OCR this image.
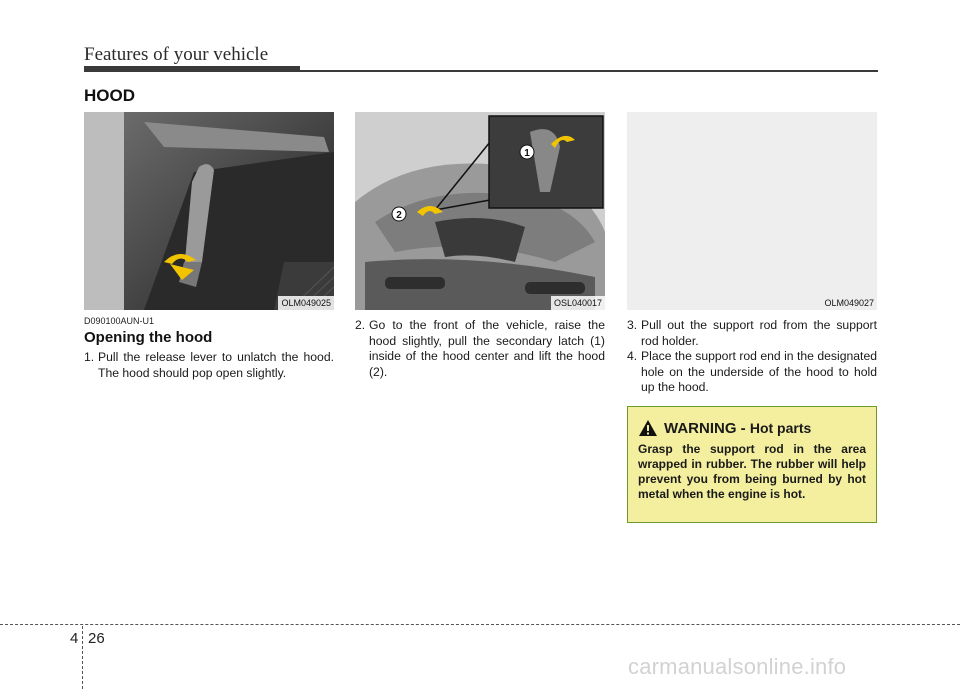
Features of your vehicle
HOOD
OLM049025
1
2
OSL040017	OLM049027
D090100AUN-U1
Opening the hood
1. Pull the release lever to unlatch the hood. The hood should pop open slightly.
2. Go to the front of the vehicle, raise the hood slightly, pull the secondary latch (1) inside of the hood center and lift the hood (2).
3. Pull out the support rod from the support rod holder.
4. Place the support rod end in the designated hole on the underside of the hood to hold up the hood.
WARNING - Hot parts
Grasp the support rod in the area wrapped in rubber. The rubber will help prevent you from being burned by hot metal when the engine is hot.
4 26
carmanualsonline.info
